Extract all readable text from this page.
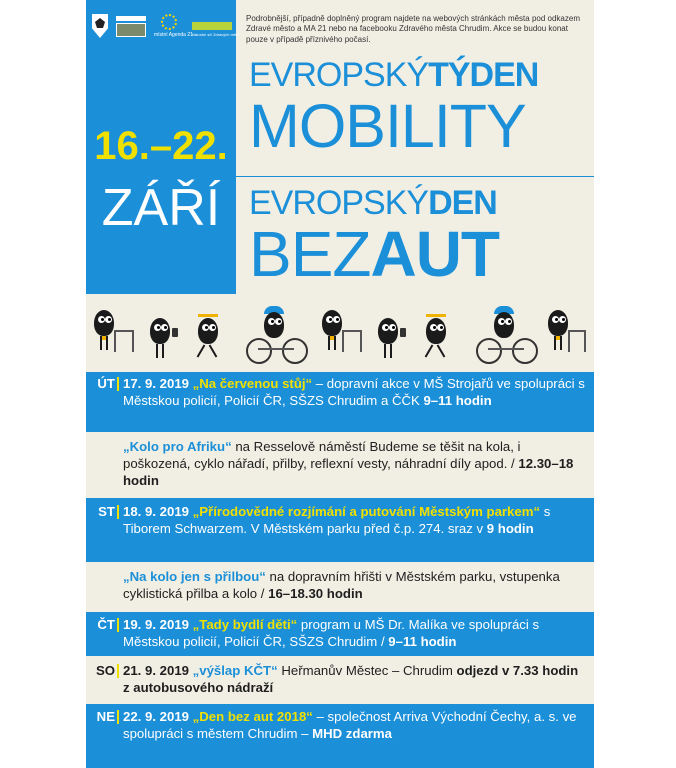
místní Agenda 21 Národní síť Zdravých měst
16.–22.
ZÁŘÍ
2019
Podrobnější, případně doplněný program najdete na webových stránkách města pod odkazem Zdravé město a MA 21 nebo na facebooku Zdravého města Chrudim. Akce se budou konat pouze v případě příznivého počasí.
EVROPSKÝTÝDEN
MOBILITY
EVROPSKÝDEN
BEZAUT
ÚT 17. 9. 2019 „Na červenou stůj“ – dopravní akce v MŠ Strojařů ve spolupráci s Městskou policií, Policií ČR, SŠZS Chrudim a ČČK 9–11 hodin
„Kolo pro Afriku“ na Resselově náměstí Budeme se těšit na kola, i poškozená, cyklo nářadí, přilby, reflexní vesty, náhradní díly apod. / 12.30–18 hodin
ST 18. 9. 2019 „Přírodovědné rozjímání a putování Městským parkem“ s Tiborem Schwarzem. V Městském parku před č.p. 274. sraz v 9 hodin
„Na kolo jen s přilbou“ na dopravním hřišti v Městském parku, vstupenka cyklistická přilba a kolo / 16–18.30 hodin
ČT 19. 9. 2019 „Tady bydlí děti“ program u MŠ Dr. Malíka ve spolupráci s Městskou policií, Policií ČR, SŠZS Chrudim / 9–11 hodin
SO 21. 9. 2019 „výšlap KČT“ Heřmanův Městec – Chrudim odjezd v 7.33 hodin z autobusového nádraží
NE 22. 9. 2019 „Den bez aut 2018“ – společnost Arriva Východní Čechy, a. s. ve spolupráci s městem Chrudim – MHD zdarma
